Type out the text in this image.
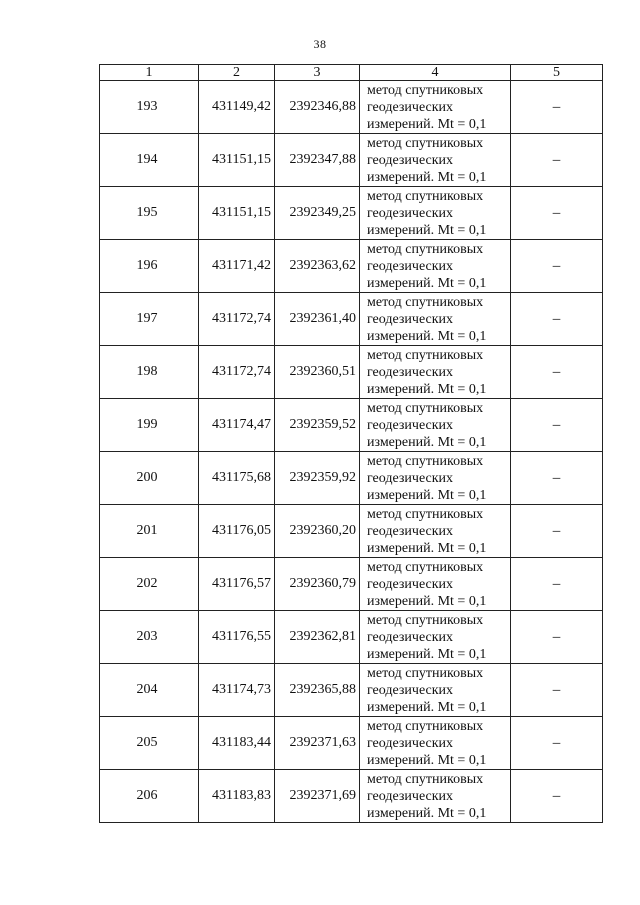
38
1	2	3	4	5
193	431149,42	2392346,88	метод спутниковых
геодезических
измерений. Mt = 0,1	–
194	431151,15	2392347,88	метод спутниковых
геодезических
измерений. Mt = 0,1	–
195	431151,15	2392349,25	метод спутниковых
геодезических
измерений. Mt = 0,1	–
196	431171,42	2392363,62	метод спутниковых
геодезических
измерений. Mt = 0,1	–
197	431172,74	2392361,40	метод спутниковых
геодезических
измерений. Mt = 0,1	–
198	431172,74	2392360,51	метод спутниковых
геодезических
измерений. Mt = 0,1	–
199	431174,47	2392359,52	метод спутниковых
геодезических
измерений. Mt = 0,1	–
200	431175,68	2392359,92	метод спутниковых
геодезических
измерений. Mt = 0,1	–
201	431176,05	2392360,20	метод спутниковых
геодезических
измерений. Mt = 0,1	–
202	431176,57	2392360,79	метод спутниковых
геодезических
измерений. Mt = 0,1	–
203	431176,55	2392362,81	метод спутниковых
геодезических
измерений. Mt = 0,1	–
204	431174,73	2392365,88	метод спутниковых
геодезических
измерений. Mt = 0,1	–
205	431183,44	2392371,63	метод спутниковых
геодезических
измерений. Mt = 0,1	–
206	431183,83	2392371,69	метод спутниковых
геодезических
измерений. Mt = 0,1	–
